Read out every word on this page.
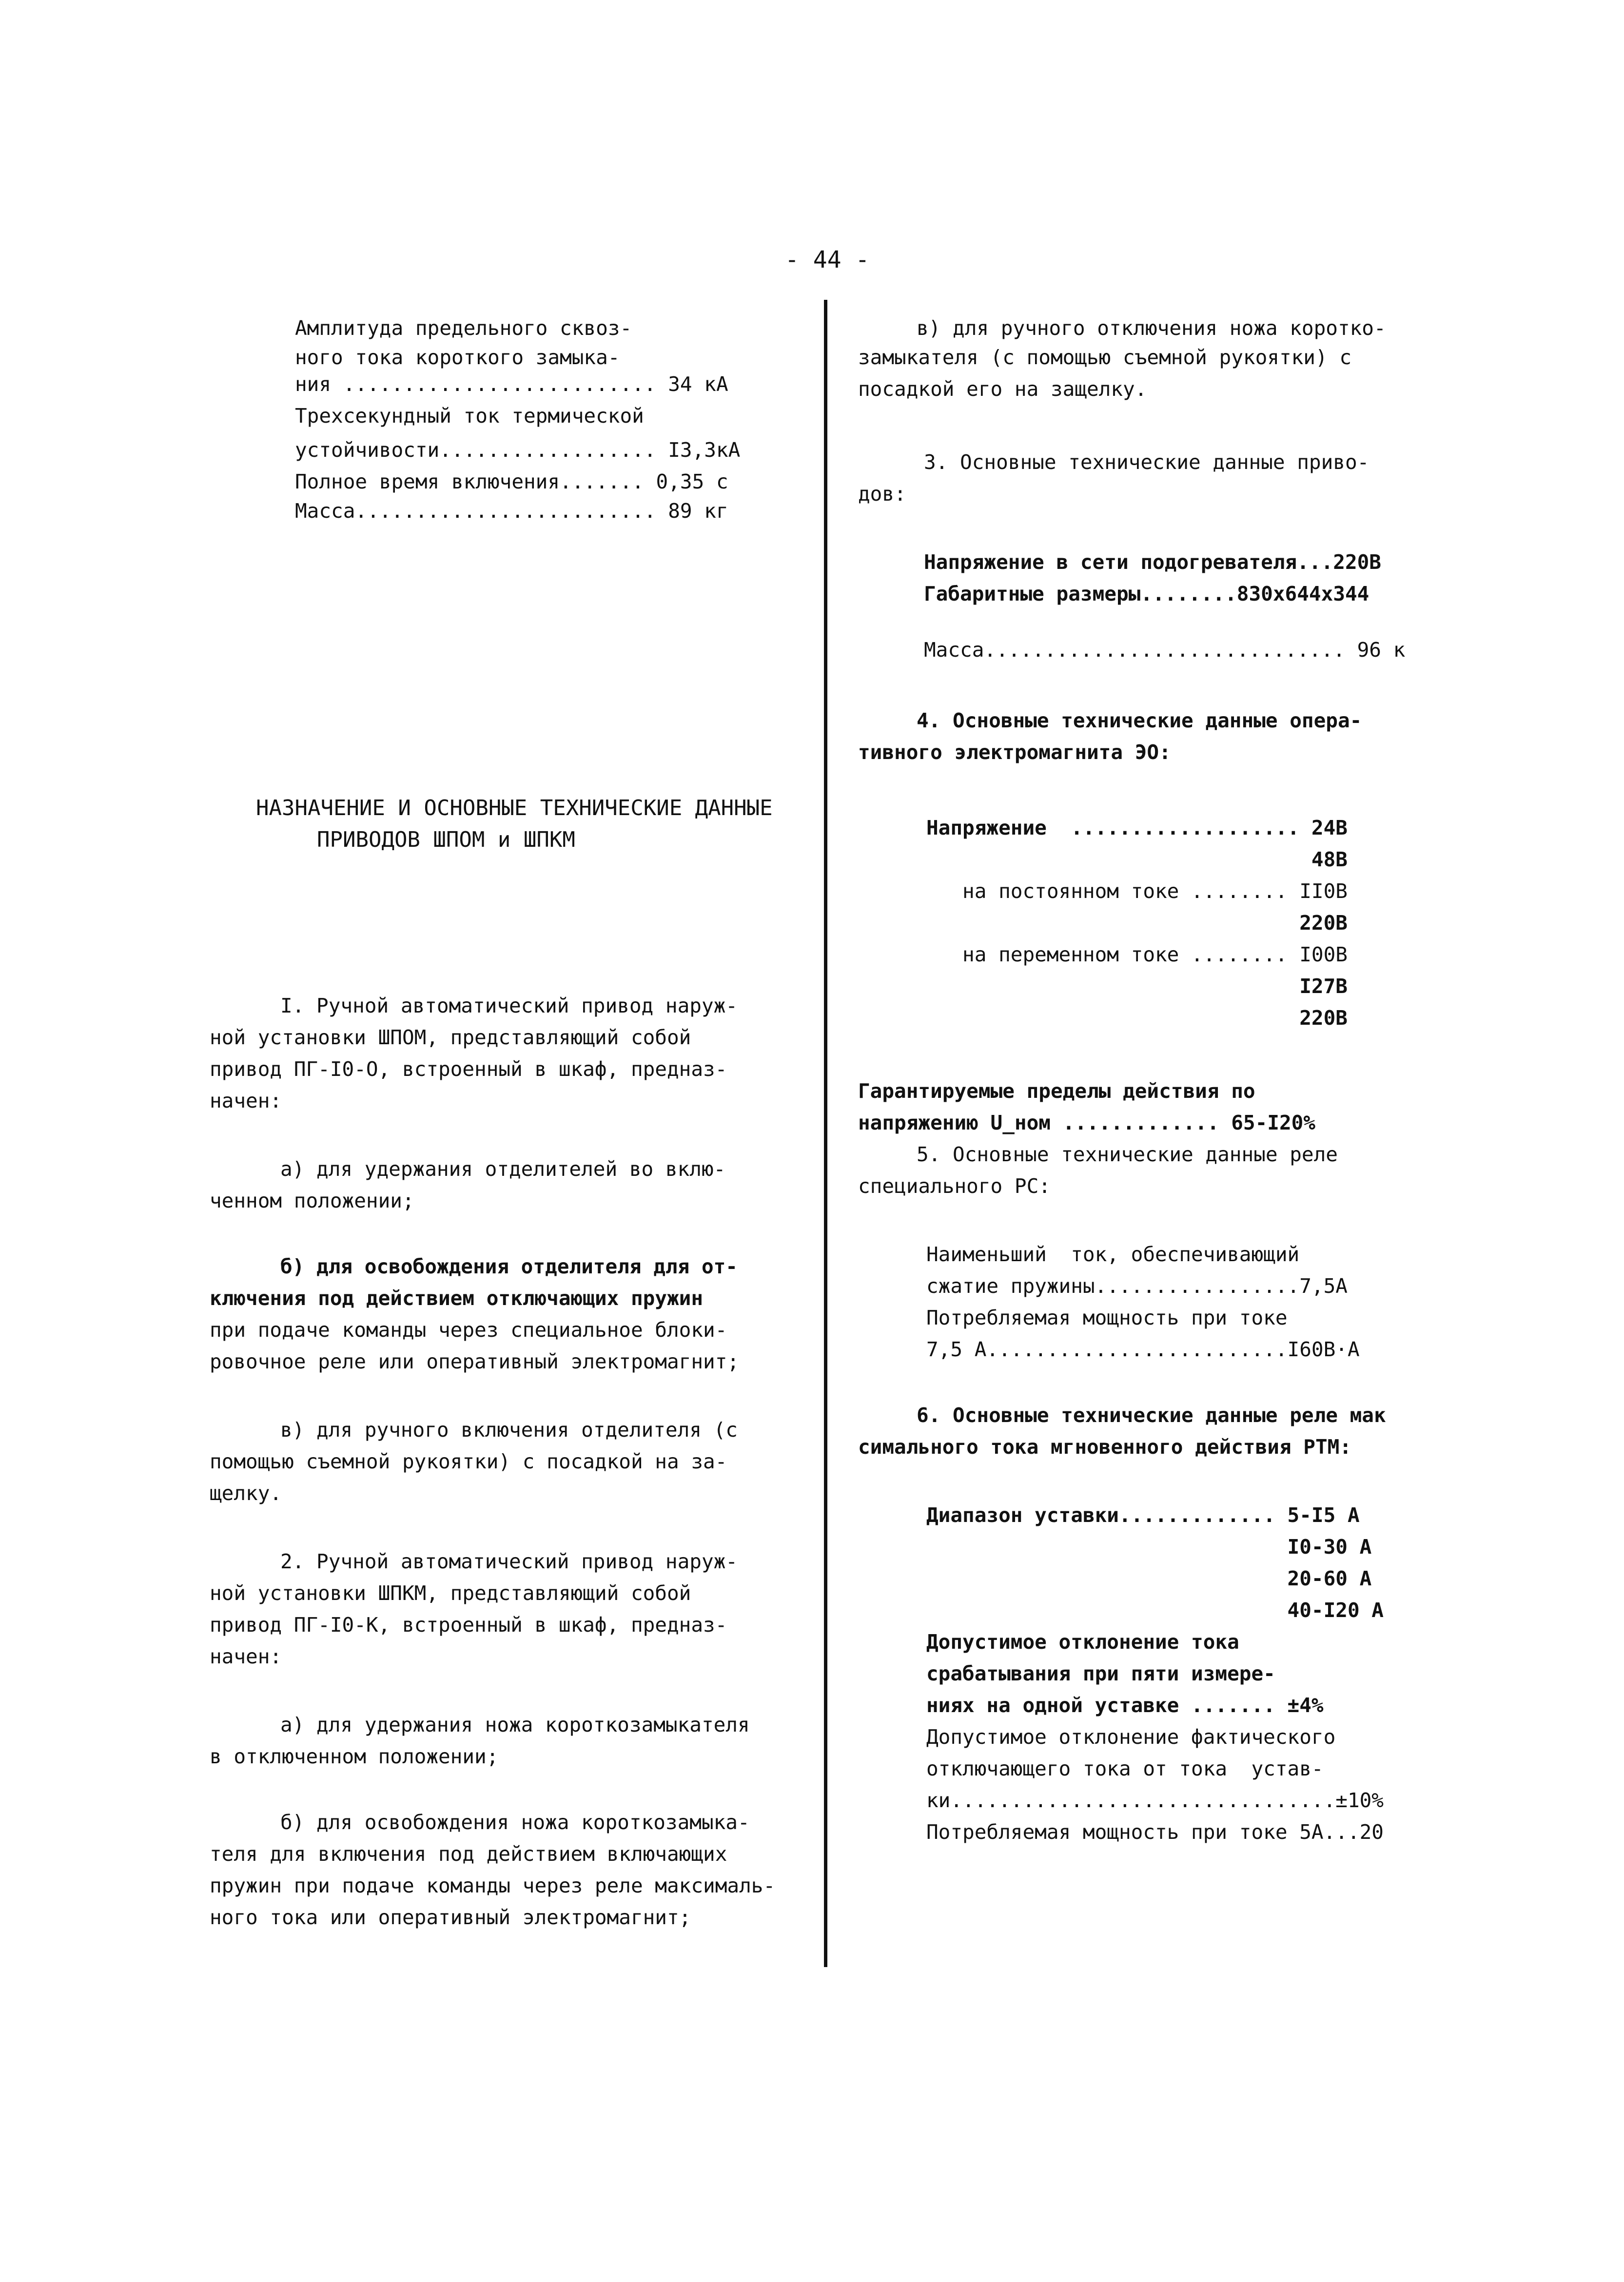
- 44 -
Амплитуда предельного сквоз-
ного тока короткого замыка-
ния .......................... 34 кА
Трехсекундный ток термической
устойчивости.................. I3,3кА
Полное время включения....... 0,35 с
Масса......................... 89 кг
НАЗНАЧЕНИЕ И ОСНОВНЫЕ ТЕХНИЧЕСКИЕ ДАННЫЕ
ПРИВОДОВ ШПОМ и ШПКМ
I. Ручной автоматический привод наруж-
ной установки ШПОМ, представляющий собой
привод ПГ-I0-О, встроенный в шкаф, предназ-
начен:
а) для удержания отделителей во вклю-
ченном положении;
б) для освобождения отделителя для от-
ключения под действием отключающих пружин
при подаче команды через специальное блоки-
ровочное реле или оперативный электромагнит;
в) для ручного включения отделителя (с
помощью съемной рукоятки) с посадкой на за-
щелку.
2. Ручной автоматический привод наруж-
ной установки ШПКМ, представляющий собой
привод ПГ-I0-К, встроенный в шкаф, предназ-
начен:
а) для удержания ножа короткозамыкателя
в отключенном положении;
б) для освобождения ножа короткозамыка-
теля для включения под действием включающих
пружин при подаче команды через реле максималь-
ного тока или оперативный электромагнит;
в) для ручного отключения ножа коротко-
замыкателя (с помощью съемной рукоятки) с
посадкой его на защелку.
3. Основные технические данные приво-
дов:
Напряжение в сети подогревателя...220В
Габаритные размеры........830х644х344
Масса.............................. 96 к
4. Основные технические данные опера-
тивного электромагнита ЭО:
Напряжение  ................... 24В
48В
на постоянном токе ........ II0В
220В
на переменном токе ........ I00В
I27В
220В
Гарантируемые пределы действия по
напряжению U_ном ............. 65-I20%
5. Основные технические данные реле
специального РС:
Наименьший  ток, обеспечивающий
сжатие пружины.................7,5А
Потребляемая мощность при токе
7,5 А.........................I60В·А
6. Основные технические данные реле мак
симального тока мгновенного действия РТМ:
Диапазон уставки............. 5-I5 А
I0-30 А
20-60 А
40-I20 А
Допустимое отклонение тока
срабатывания при пяти измере-
ниях на одной уставке ....... ±4%
Допустимое отклонение фактического
отключающего тока от тока  устав-
ки................................±10%
Потребляемая мощность при токе 5А...20
